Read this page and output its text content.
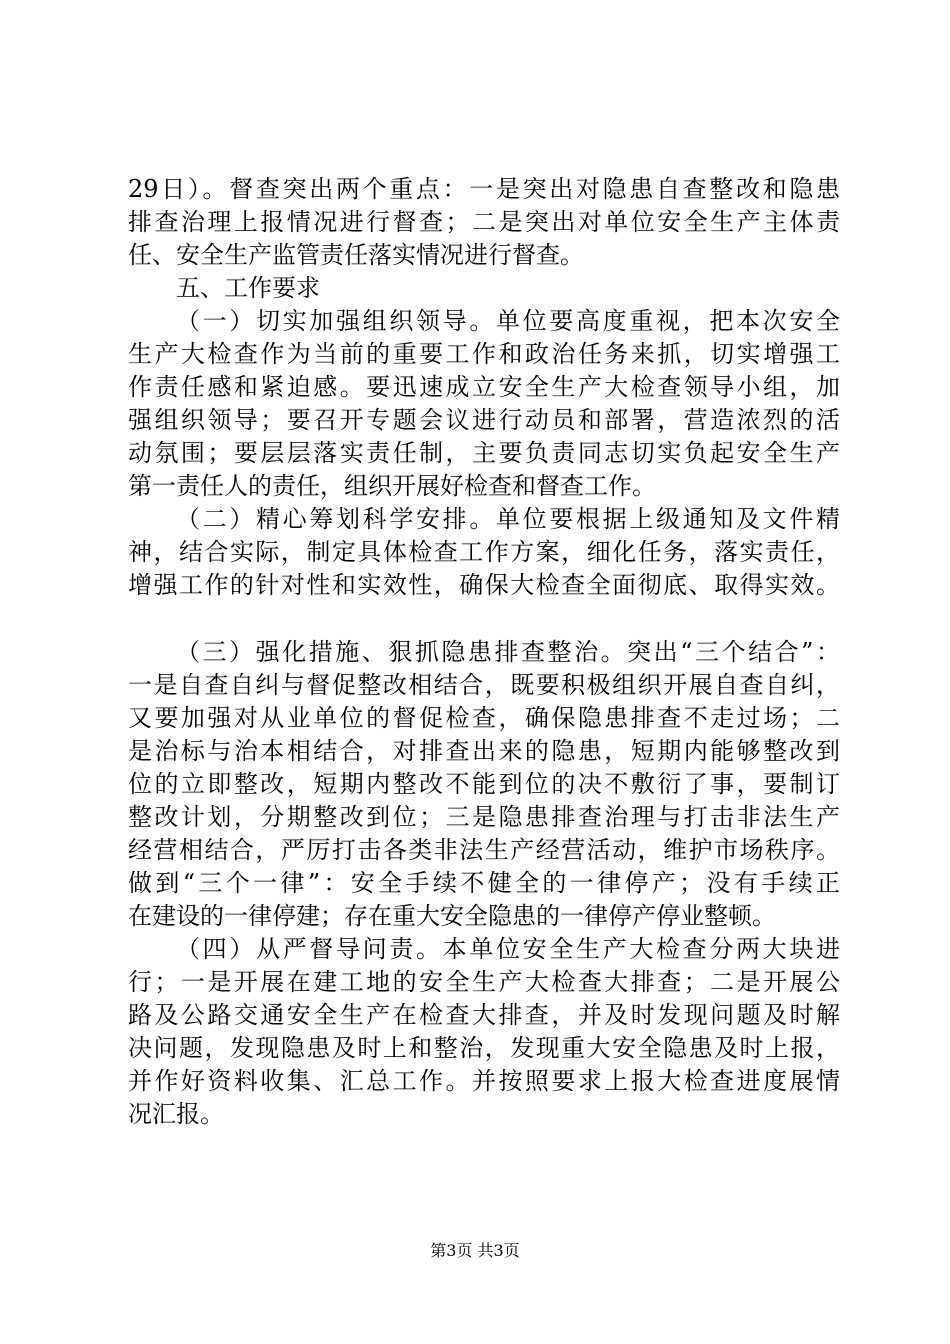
29日）。督查突出两个重点：一是突出对隐患自查整改和隐患
排查治理上报情况进行督查；二是突出对单位安全生产主体责
任、安全生产监管责任落实情况进行督查。
五、工作要求
（一）切实加强组织领导。单位要高度重视，把本次安全
生产大检查作为当前的重要工作和政治任务来抓，切实增强工
作责任感和紧迫感。要迅速成立安全生产大检查领导小组，加
强组织领导；要召开专题会议进行动员和部署，营造浓烈的活
动氛围；要层层落实责任制，主要负责同志切实负起安全生产
第一责任人的责任，组织开展好检查和督查工作。
（二）精心筹划科学安排。单位要根据上级通知及文件精
神，结合实际，制定具体检查工作方案，细化任务，落实责任，
增强工作的针对性和实效性，确保大检查全面彻底、取得实效。
（三）强化措施、狠抓隐患排查整治。突出“三个结合”：
一是自查自纠与督促整改相结合，既要积极组织开展自查自纠，
又要加强对从业单位的督促检查，确保隐患排查不走过场；二
是治标与治本相结合，对排查出来的隐患，短期内能够整改到
位的立即整改，短期内整改不能到位的决不敷衍了事，要制订
整改计划，分期整改到位；三是隐患排查治理与打击非法生产
经营相结合，严厉打击各类非法生产经营活动，维护市场秩序。
做到“三个一律”：安全手续不健全的一律停产；没有手续正
在建设的一律停建；存在重大安全隐患的一律停产停业整顿。
（四）从严督导问责。本单位安全生产大检查分两大块进
行；一是开展在建工地的安全生产大检查大排查；二是开展公
路及公路交通安全生产在检查大排查，并及时发现问题及时解
决问题，发现隐患及时上和整治，发现重大安全隐患及时上报，
并作好资料收集、汇总工作。并按照要求上报大检查进度展情
况汇报。
第3页 共3页
